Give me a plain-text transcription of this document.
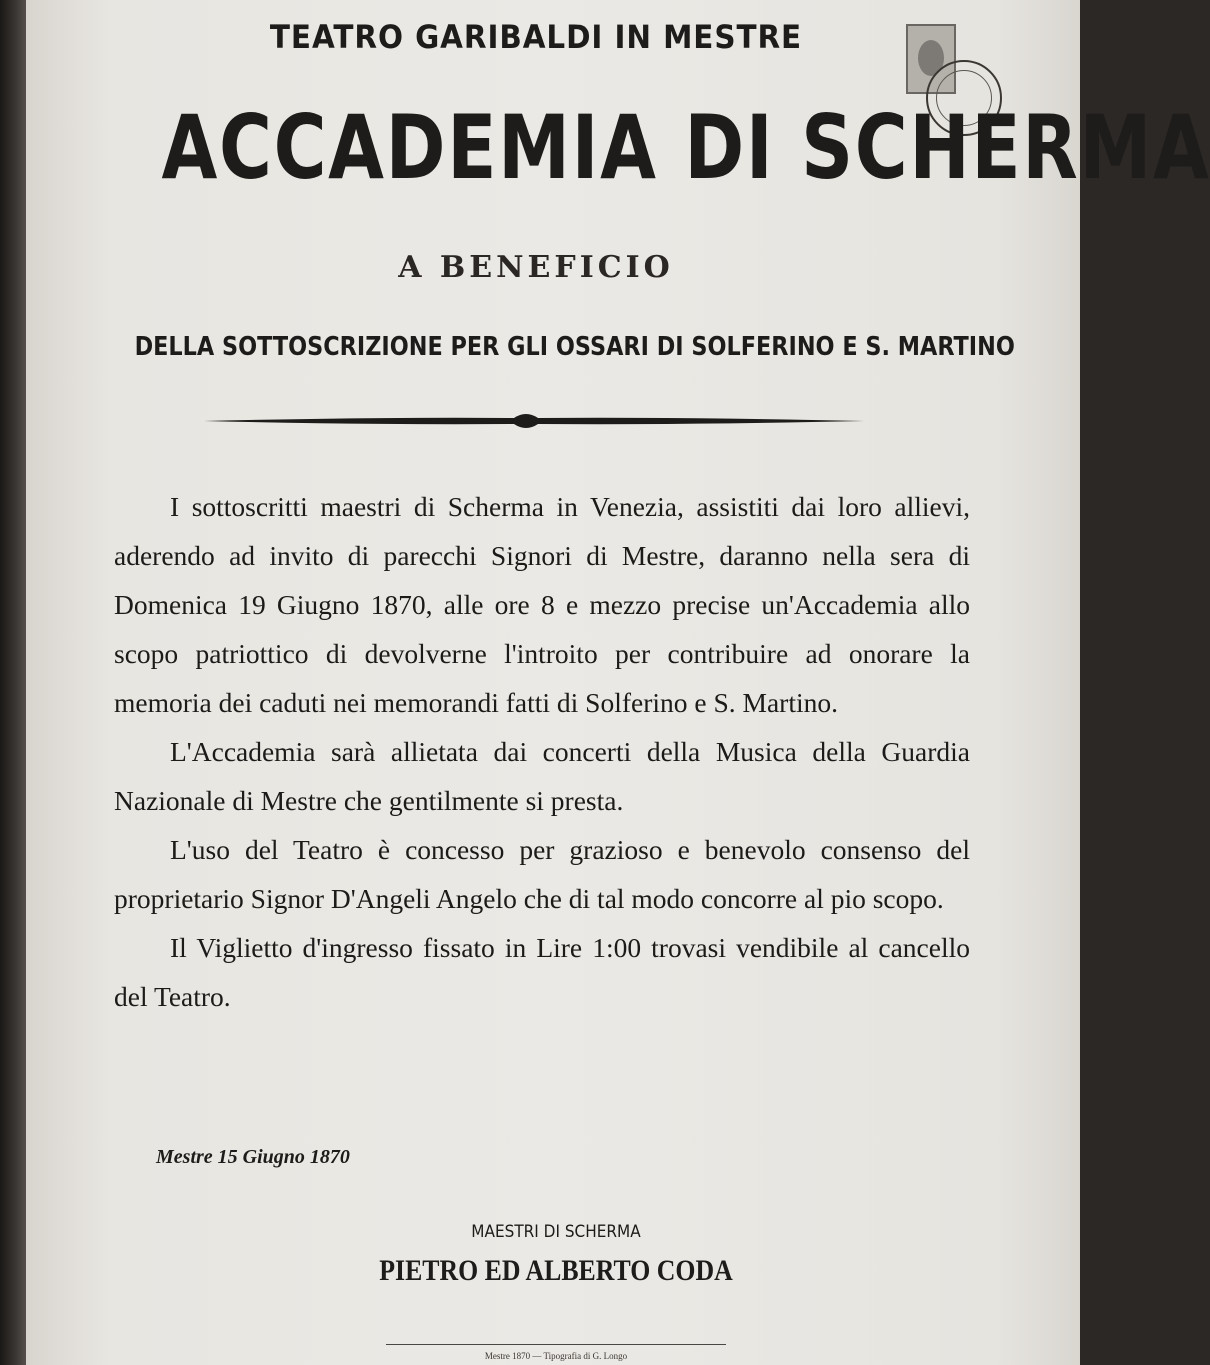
TEATRO GARIBALDI IN MESTRE
ACCADEMIA DI SCHERMA
A BENEFICIO
DELLA SOTTOSCRIZIONE PER GLI OSSARI DI SOLFERINO E S. MARTINO

I sottoscritti maestri di Scherma in Venezia, assistiti dai loro allievi, aderendo ad invito di parecchi Signori di Mestre, daranno nella sera di Domenica 19 Giugno 1870, alle ore 8 e mezzo precise un'Accademia allo scopo patriottico di devolverne l'introito per contribuire ad onorare la memoria dei caduti nei memorandi fatti di Solferino e S. Martino.

L'Accademia sarà allietata dai concerti della Musica della Guardia Nazionale di Mestre che gentilmente si presta.

L'uso del Teatro è concesso per grazioso e benevolo consenso del proprietario Signor D'Angeli Angelo che di tal modo concorre al pio scopo.

Il Viglietto d'ingresso fissato in Lire 1:00 trovasi vendibile al cancello del Teatro.

Mestre 15 Giugno 1870
MAESTRI DI SCHERMA
PIETRO ED ALBERTO CODA
Mestre 1870 — Tipografia di G. Longo
